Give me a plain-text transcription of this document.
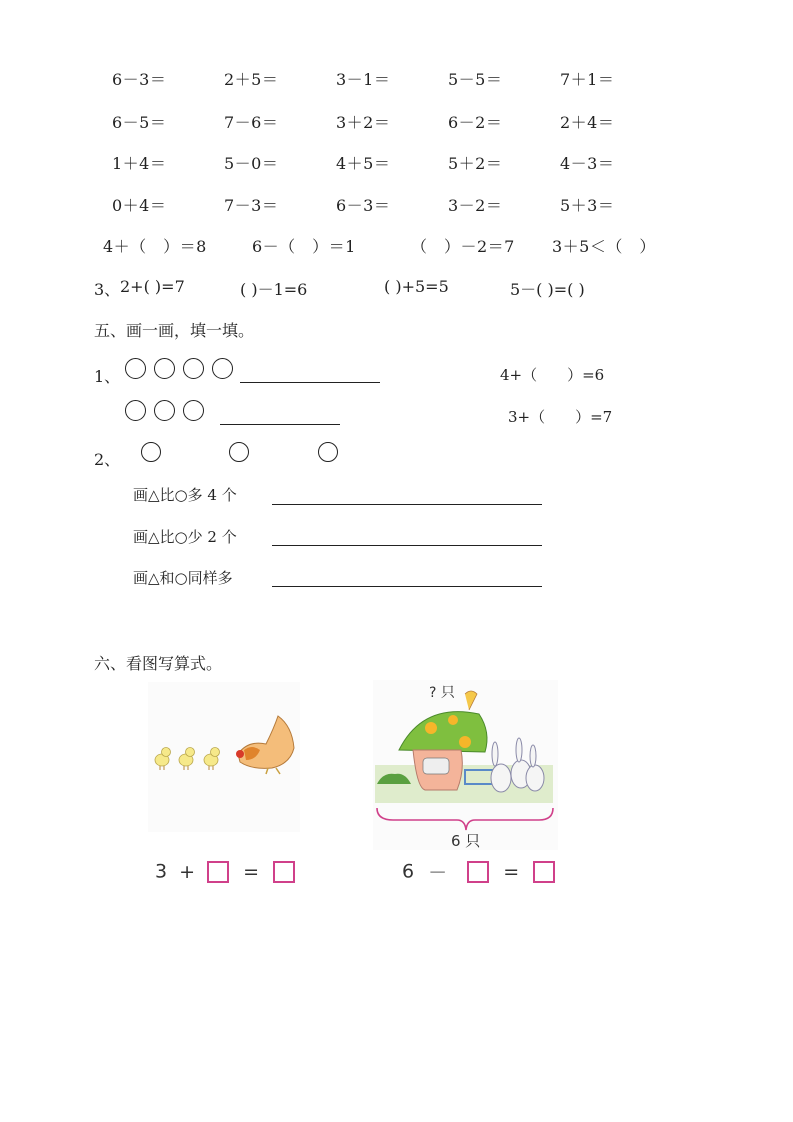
6－3＝	2＋5＝	3－1＝	5－5＝	7＋1＝
6－5＝	7－6＝	3＋2＝	6－2＝	2＋4＝
1＋4＝	5－0＝	4＋5＝	5＋2＝	4－3＝
0＋4＝	7－3＝	6－3＝	3－2＝	5＋3＝
4＋（　）＝8	6－（　）＝1	（　）－2＝7 3＋5＜（　）
3、 2+( )=7	( )－1=6	( )+5=5	5－( )=( )
五、画一画，填一填。
1、
	4+（　　）=6

3+（　　）=7
2、
画△比○多 4 个
画△比○少 2 个
画△和○同样多
六、看图写算式。
3 +	=
? 只
6 只
6 －	=
